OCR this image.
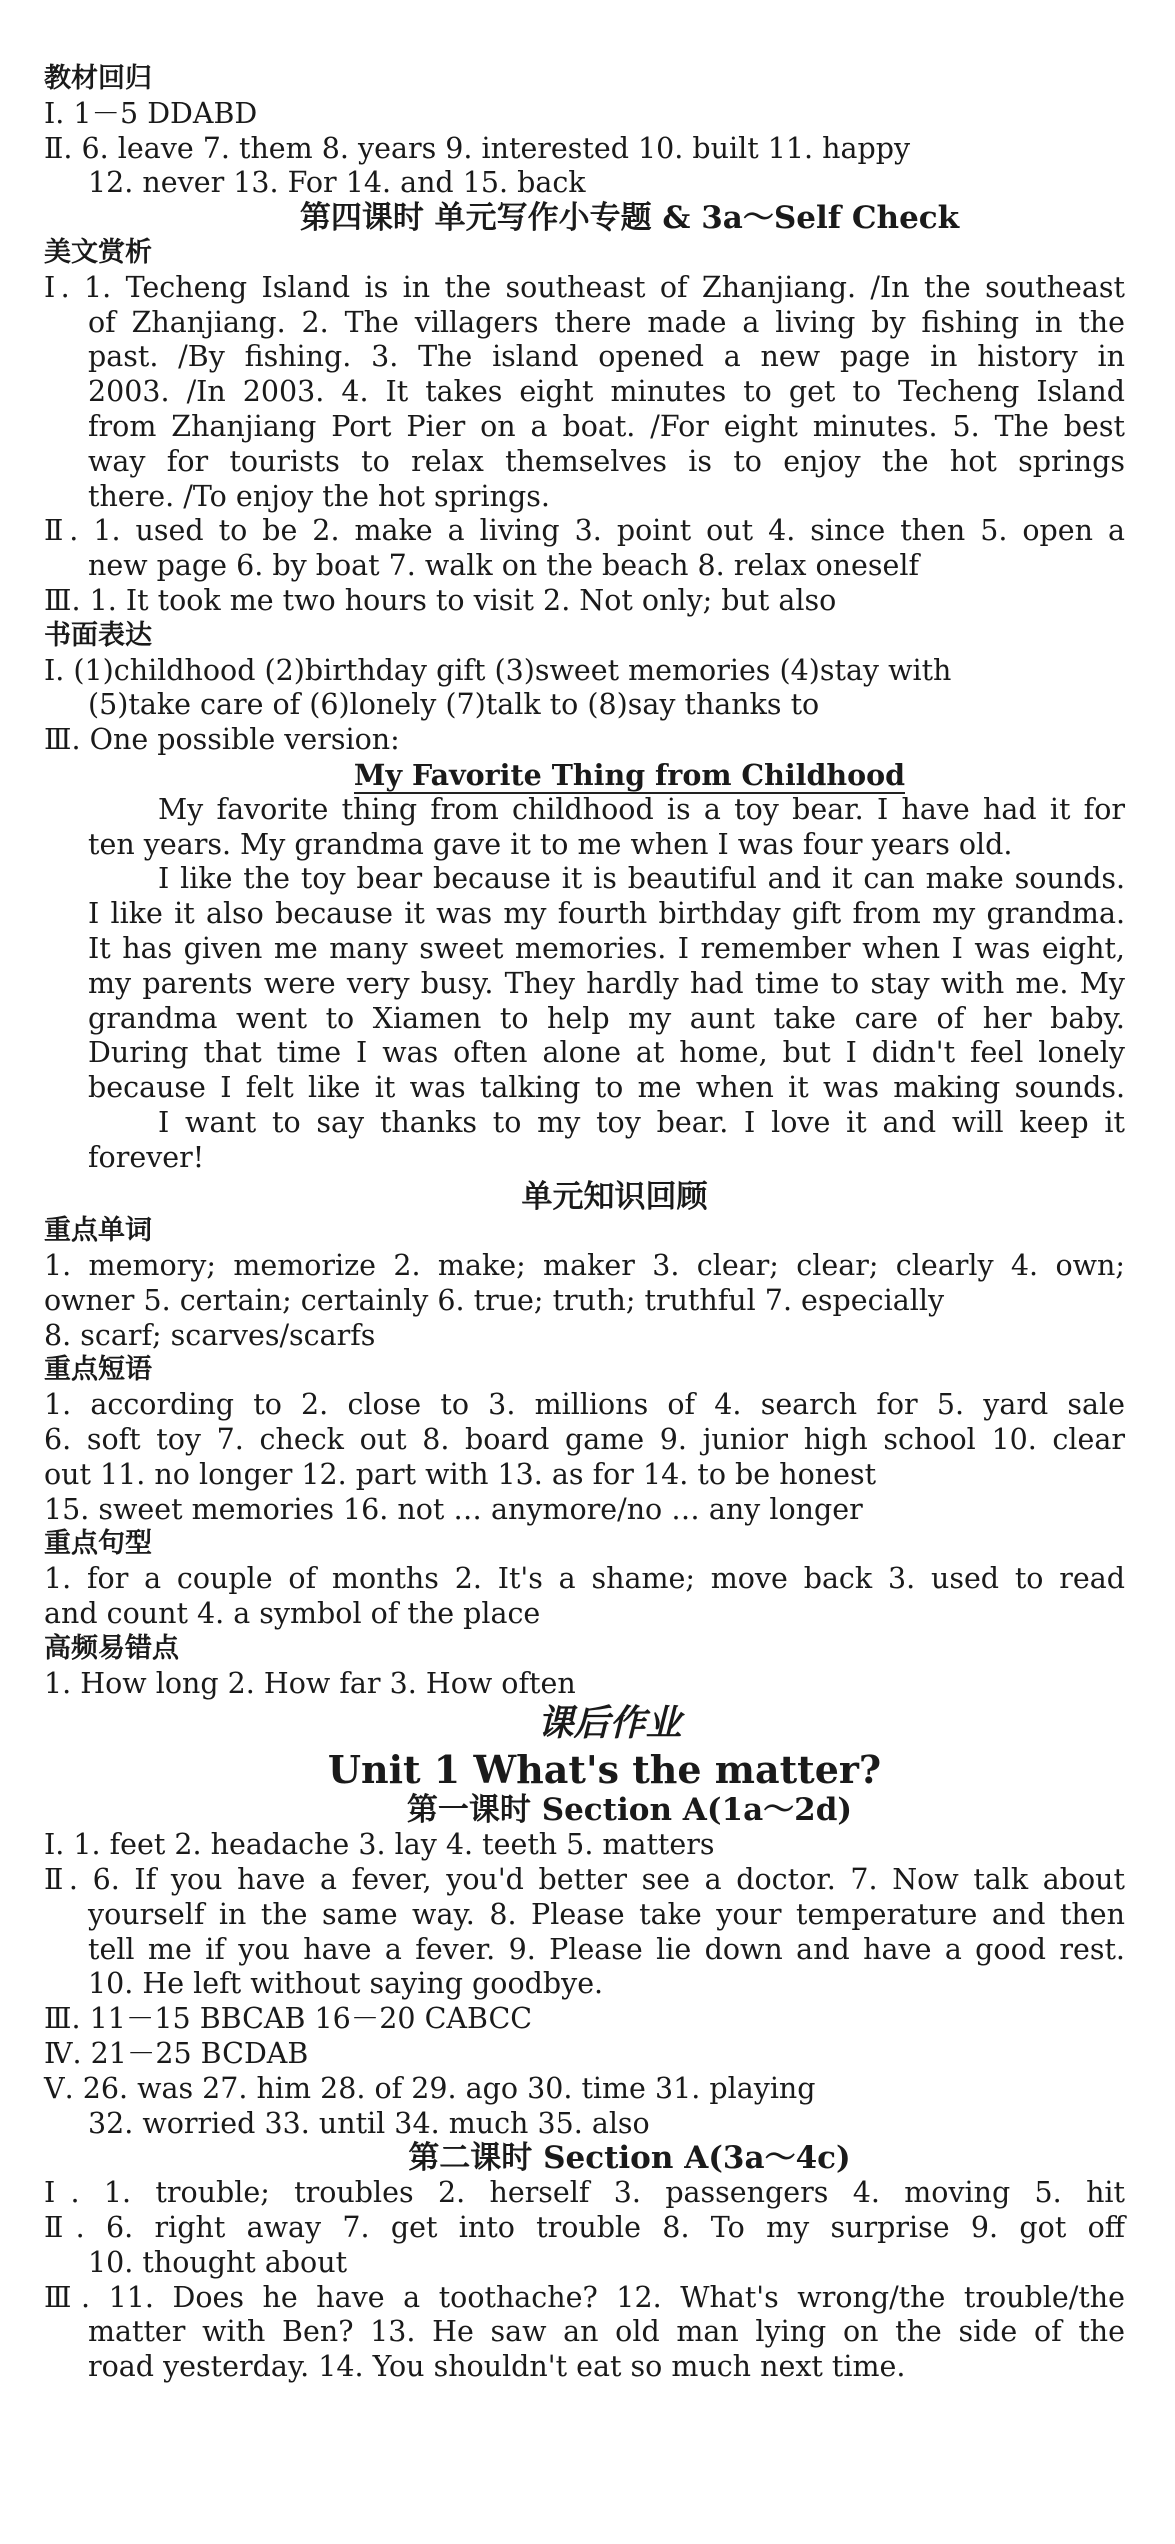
教材回归
Ⅰ. 1－5 DDABD
Ⅱ. 6. leave 7. them 8. years 9. interested 10. built 11. happy
12. never 13. For 14. and 15. back
第四课时 单元写作小专题 & 3a～Self Check
美文赏析
Ⅰ. 1. Techeng Island is in the southeast of Zhanjiang. /In the southeast
of Zhanjiang. 2. The villagers there made a living by fishing in the
past. /By fishing. 3. The island opened a new page in history in
2003. /In 2003. 4. It takes eight minutes to get to Techeng Island
from Zhanjiang Port Pier on a boat. /For eight minutes. 5. The best
way for tourists to relax themselves is to enjoy the hot springs
there. /To enjoy the hot springs.
Ⅱ. 1. used to be 2. make a living 3. point out 4. since then 5. open a
new page 6. by boat 7. walk on the beach 8. relax oneself
Ⅲ. 1. It took me two hours to visit 2. Not only; but also
书面表达
Ⅰ. (1)childhood (2)birthday gift (3)sweet memories (4)stay with
(5)take care of (6)lonely (7)talk to (8)say thanks to
Ⅲ. One possible version:
My Favorite Thing from Childhood
My favorite thing from childhood is a toy bear. I have had it for
ten years. My grandma gave it to me when I was four years old.
I like the toy bear because it is beautiful and it can make sounds.
I like it also because it was my fourth birthday gift from my grandma.
It has given me many sweet memories. I remember when I was eight,
my parents were very busy. They hardly had time to stay with me. My
grandma went to Xiamen to help my aunt take care of her baby.
During that time I was often alone at home, but I didn't feel lonely
because I felt like it was talking to me when it was making sounds.
I want to say thanks to my toy bear. I love it and will keep it
forever!
单元知识回顾
重点单词
1. memory; memorize 2. make; maker 3. clear; clear; clearly 4. own;
owner 5. certain; certainly 6. true; truth; truthful 7. especially
8. scarf; scarves/scarfs
重点短语
1. according to 2. close to 3. millions of 4. search for 5. yard sale
6. soft toy 7. check out 8. board game 9. junior high school 10. clear
out 11. no longer 12. part with 13. as for 14. to be honest
15. sweet memories 16. not … anymore/no … any longer
重点句型
1. for a couple of months 2. It's a shame; move back 3. used to read
and count 4. a symbol of the place
高频易错点
1. How long 2. How far 3. How often
课后作业
Unit 1 What's the matter?
第一课时 Section A(1a～2d)
Ⅰ. 1. feet 2. headache 3. lay 4. teeth 5. matters
Ⅱ. 6. If you have a fever, you'd better see a doctor. 7. Now talk about
yourself in the same way. 8. Please take your temperature and then
tell me if you have a fever. 9. Please lie down and have a good rest.
10. He left without saying goodbye.
Ⅲ. 11－15 BBCAB 16－20 CABCC
Ⅳ. 21－25 BCDAB
Ⅴ. 26. was 27. him 28. of 29. ago 30. time 31. playing
32. worried 33. until 34. much 35. also
第二课时 Section A(3a～4c)
Ⅰ. 1. trouble; troubles 2. herself 3. passengers 4. moving 5. hit
Ⅱ. 6. right away 7. get into trouble 8. To my surprise 9. got off
10. thought about
Ⅲ. 11. Does he have a toothache? 12. What's wrong/the trouble/the
matter with Ben? 13. He saw an old man lying on the side of the
road yesterday. 14. You shouldn't eat so much next time.
